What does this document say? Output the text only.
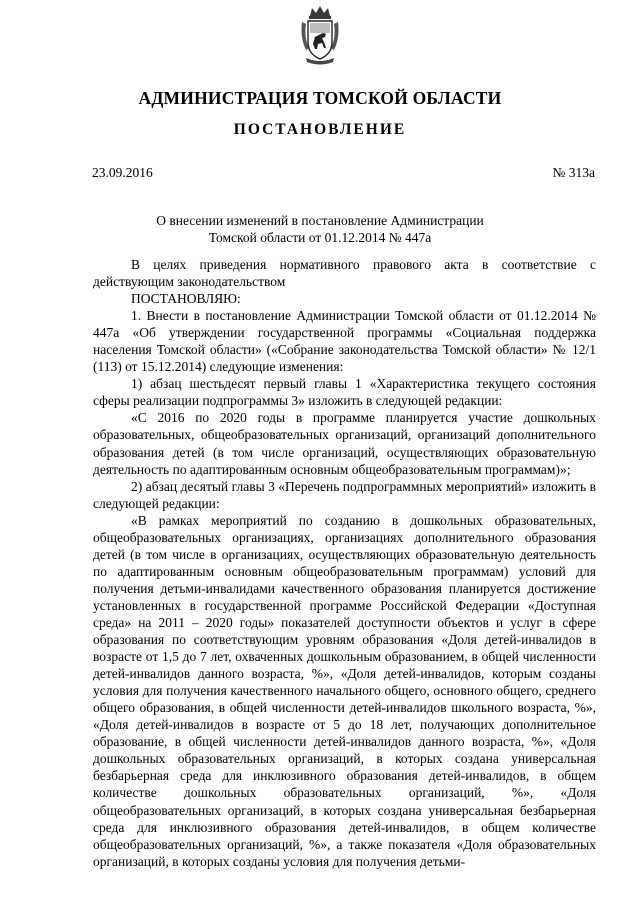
АДМИНИСТРАЦИЯ ТОМСКОЙ ОБЛАСТИ
ПОСТАНОВЛЕНИЕ
23.09.2016	№ 313а
О внесении изменений в постановление Администрации
Томской области от 01.12.2014 № 447а

В целях приведения нормативного правового акта в соответствие с действующим законодательством

ПОСТАНОВЛЯЮ:

1. Внести в постановление Администрации Томской области от 01.12.2014 № 447а «Об утверждении государственной программы «Социальная поддержка населения Томской области» («Собрание законодательства Томской области» № 12/1 (113) от 15.12.2014) следующие изменения:

1) абзац шестьдесят первый главы 1 «Характеристика текущего состояния сферы реализации подпрограммы 3» изложить в следующей редакции:

«С 2016 по 2020 годы в программе планируется участие дошкольных образовательных, общеобразовательных организаций, организаций дополнительного образования детей (в том числе организаций, осуществляющих образовательную деятельность по адаптированным основным общеобразовательным программам)»;

2) абзац десятый главы 3 «Перечень подпрограммных мероприятий» изложить в следующей редакции:

«В рамках мероприятий по созданию в дошкольных образовательных, общеобразовательных организациях, организациях дополнительного образования детей (в том числе в организациях, осуществляющих образовательную деятельность по адаптированным основным общеобразовательным программам) условий для получения детьми-инвалидами качественного образования планируется достижение установленных в государственной программе Российской Федерации «Доступная среда» на 2011 – 2020 годы» показателей доступности объектов и услуг в сфере образования по соответствующим уровням образования «Доля детей-инвалидов в возрасте от 1,5 до 7 лет, охваченных дошкольным образованием, в общей численности детей-инвалидов данного возраста, %», «Доля детей-инвалидов, которым созданы условия для получения качественного начального общего, основного общего, среднего общего образования, в общей численности детей-инвалидов школьного возраста, %», «Доля детей-инвалидов в возрасте от 5 до 18 лет, получающих дополнительное образование, в общей численности детей-инвалидов данного возраста, %», «Доля дошкольных образовательных организаций, в которых создана универсальная безбарьерная среда для инклюзивного образования детей-инвалидов, в общем количестве дошкольных образовательных организаций, %», «Доля общеобразовательных организаций, в которых создана универсальная безбарьерная среда для инклюзивного образования детей-инвалидов, в общем количестве общеобразовательных организаций, %», а также показателя «Доля образовательных организаций, в которых созданы условия для получения детьми-
